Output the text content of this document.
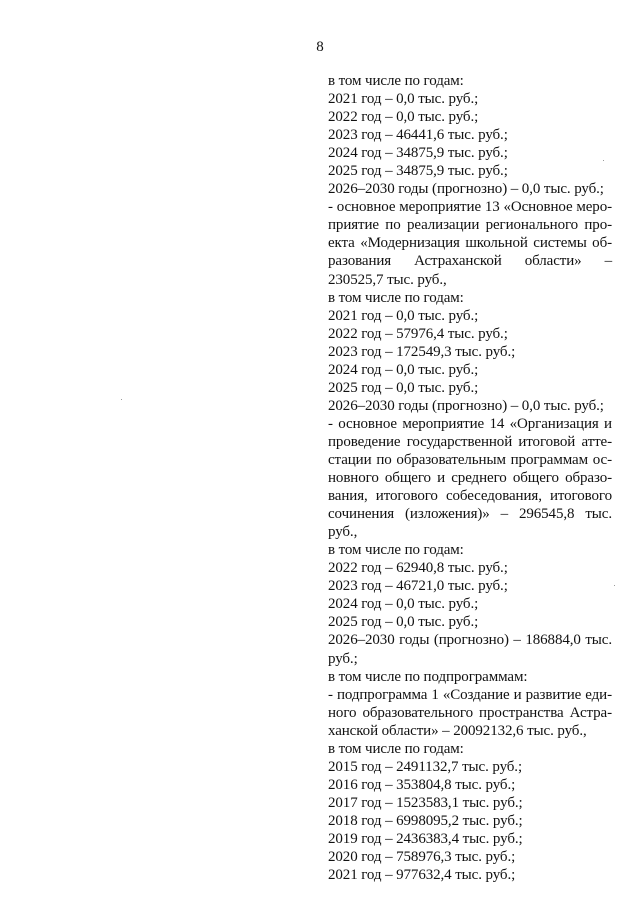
8
в том числе по годам:
2021 год – 0,0 тыс. руб.;
2022 год – 0,0 тыс. руб.;
2023 год – 46441,6 тыс. руб.;
2024 год – 34875,9 тыс. руб.;
2025 год – 34875,9 тыс. руб.;
2026–2030 годы (прогнозно) – 0,0 тыс. руб.;
- основное мероприятие 13 «Основное меро-
приятие по реализации регионального про-
екта «Модернизация школьной системы об-
разования Астраханской области» –
230525,7 тыс. руб.,
в том числе по годам:
2021 год – 0,0 тыс. руб.;
2022 год – 57976,4 тыс. руб.;
2023 год – 172549,3 тыс. руб.;
2024 год – 0,0 тыс. руб.;
2025 год – 0,0 тыс. руб.;
2026–2030 годы (прогнозно) – 0,0 тыс. руб.;
- основное мероприятие 14 «Организация и
проведение государственной итоговой атте-
стации по образовательным программам ос-
новного общего и среднего общего образо-
вания, итогового собеседования, итогового
сочинения (изложения)» – 296545,8 тыс.
руб.,
в том числе по годам:
2022 год – 62940,8 тыс. руб.;
2023 год – 46721,0 тыс. руб.;
2024 год – 0,0 тыс. руб.;
2025 год – 0,0 тыс. руб.;
2026–2030 годы (прогнозно) – 186884,0 тыс.
руб.;
в том числе по подпрограммам:
- подпрограмма 1 «Создание и развитие еди-
ного образовательного пространства Астра-
ханской области» – 20092132,6 тыс. руб.,
в том числе по годам:
2015 год – 2491132,7 тыс. руб.;
2016 год – 353804,8 тыс. руб.;
2017 год – 1523583,1 тыс. руб.;
2018 год – 6998095,2 тыс. руб.;
2019 год – 2436383,4 тыс. руб.;
2020 год – 758976,3 тыс. руб.;
2021 год – 977632,4 тыс. руб.;
